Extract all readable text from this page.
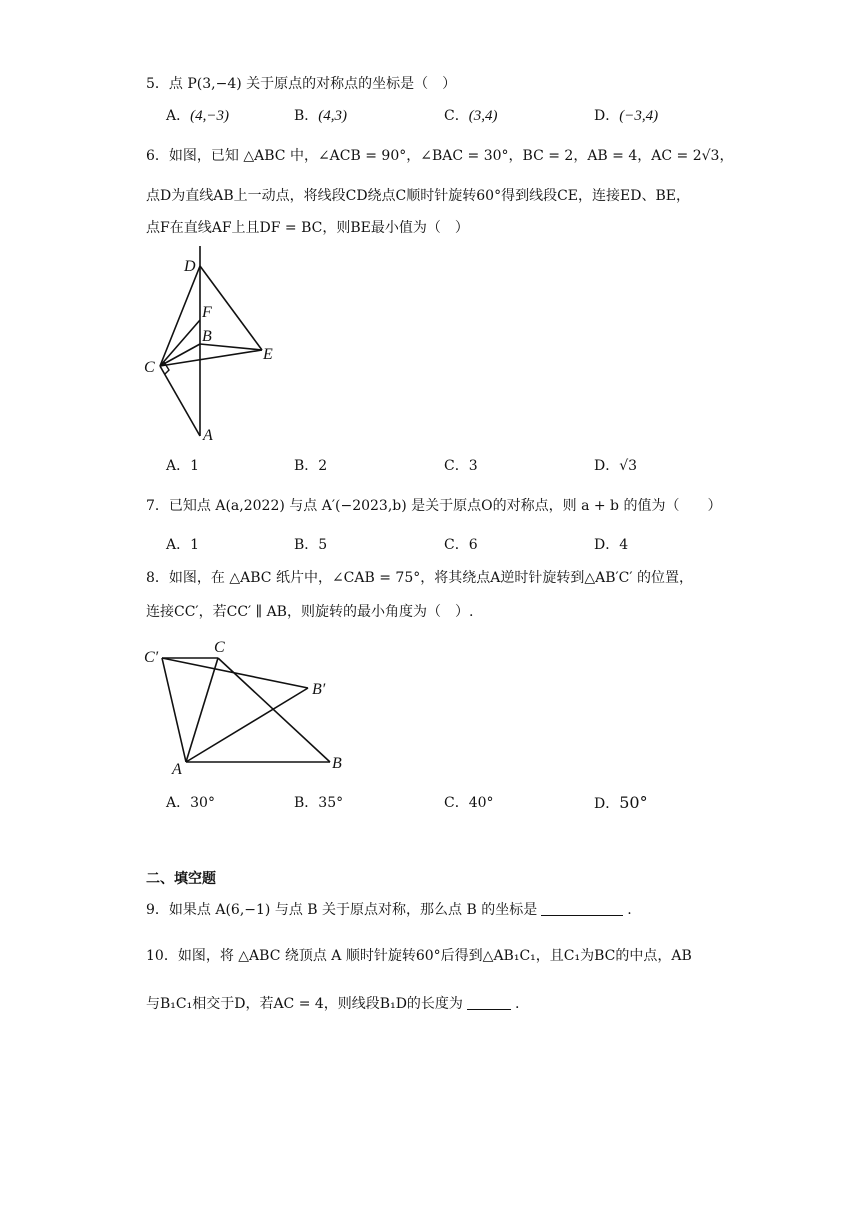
5．点 P(3,−4) 关于原点的对称点的坐标是（　）
A．(4,−3)	B．(4,3)	C．(3,4)	D．(−3,4)
6．如图，已知 △ABC 中，∠ACB = 90°，∠BAC = 30°，BC = 2，AB = 4，AC = 2√3，
点D为直线AB上一动点，将线段CD绕点C顺时针旋转60°得到线段CE，连接ED、BE，
点F在直线AF上且DF = BC，则BE最小值为（　）
D
F
B
E
C
A
A．1	B．2	C．3	D．√3
7．已知点 A(a,2022) 与点 A′(−2023,b) 是关于原点O的对称点，则 a + b 的值为（　　）
A．1	B．5	C．6	D．4
8．如图，在 △ABC 纸片中，∠CAB = 75°，将其绕点A逆时针旋转到△AB′C′ 的位置，
连接CC′，若CC′ ∥ AB，则旋转的最小角度为（　）.
C′
C
B′
A	B
A．30°	B．35°	C．40°	D．50°
二、填空题
9．如果点 A(6,−1) 与点 B 关于原点对称，那么点 B 的坐标是	.
10．如图，将 △ABC 绕顶点 A 顺时针旋转60°后得到△AB₁C₁，且C₁为BC的中点，AB
与B₁C₁相交于D，若AC = 4，则线段B₁D的长度为	.
